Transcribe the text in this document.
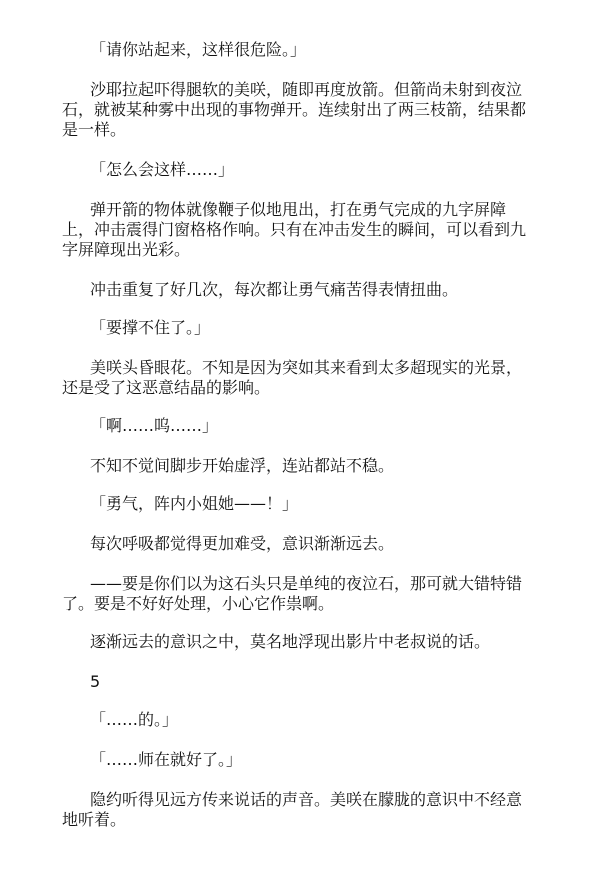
「请你站起来，这样很危险。」
沙耶拉起吓得腿软的美咲，随即再度放箭。但箭尚未射到夜泣
石，就被某种雾中出现的事物弹开。连续射出了两三枝箭，结果都
是一样。
「怎么会这样……」
弹开箭的物体就像鞭子似地甩出，打在勇气完成的九字屏障
上，冲击震得门窗格格作响。只有在冲击发生的瞬间，可以看到九
字屏障现出光彩。
冲击重复了好几次，每次都让勇气痛苦得表情扭曲。
「要撑不住了。」
美咲头昏眼花。不知是因为突如其来看到太多超现实的光景，
还是受了这恶意结晶的影响。
「啊……呜……」
不知不觉间脚步开始虚浮，连站都站不稳。
「勇气，阵内小姐她——！」
每次呼吸都觉得更加难受，意识渐渐远去。
——要是你们以为这石头只是单纯的夜泣石，那可就大错特错
了。要是不好好处理，小心它作祟啊。
逐渐远去的意识之中，莫名地浮现出影片中老叔说的话。
5
「……的。」
「……师在就好了。」
隐约听得见远方传来说话的声音。美咲在朦胧的意识中不经意
地听着。
